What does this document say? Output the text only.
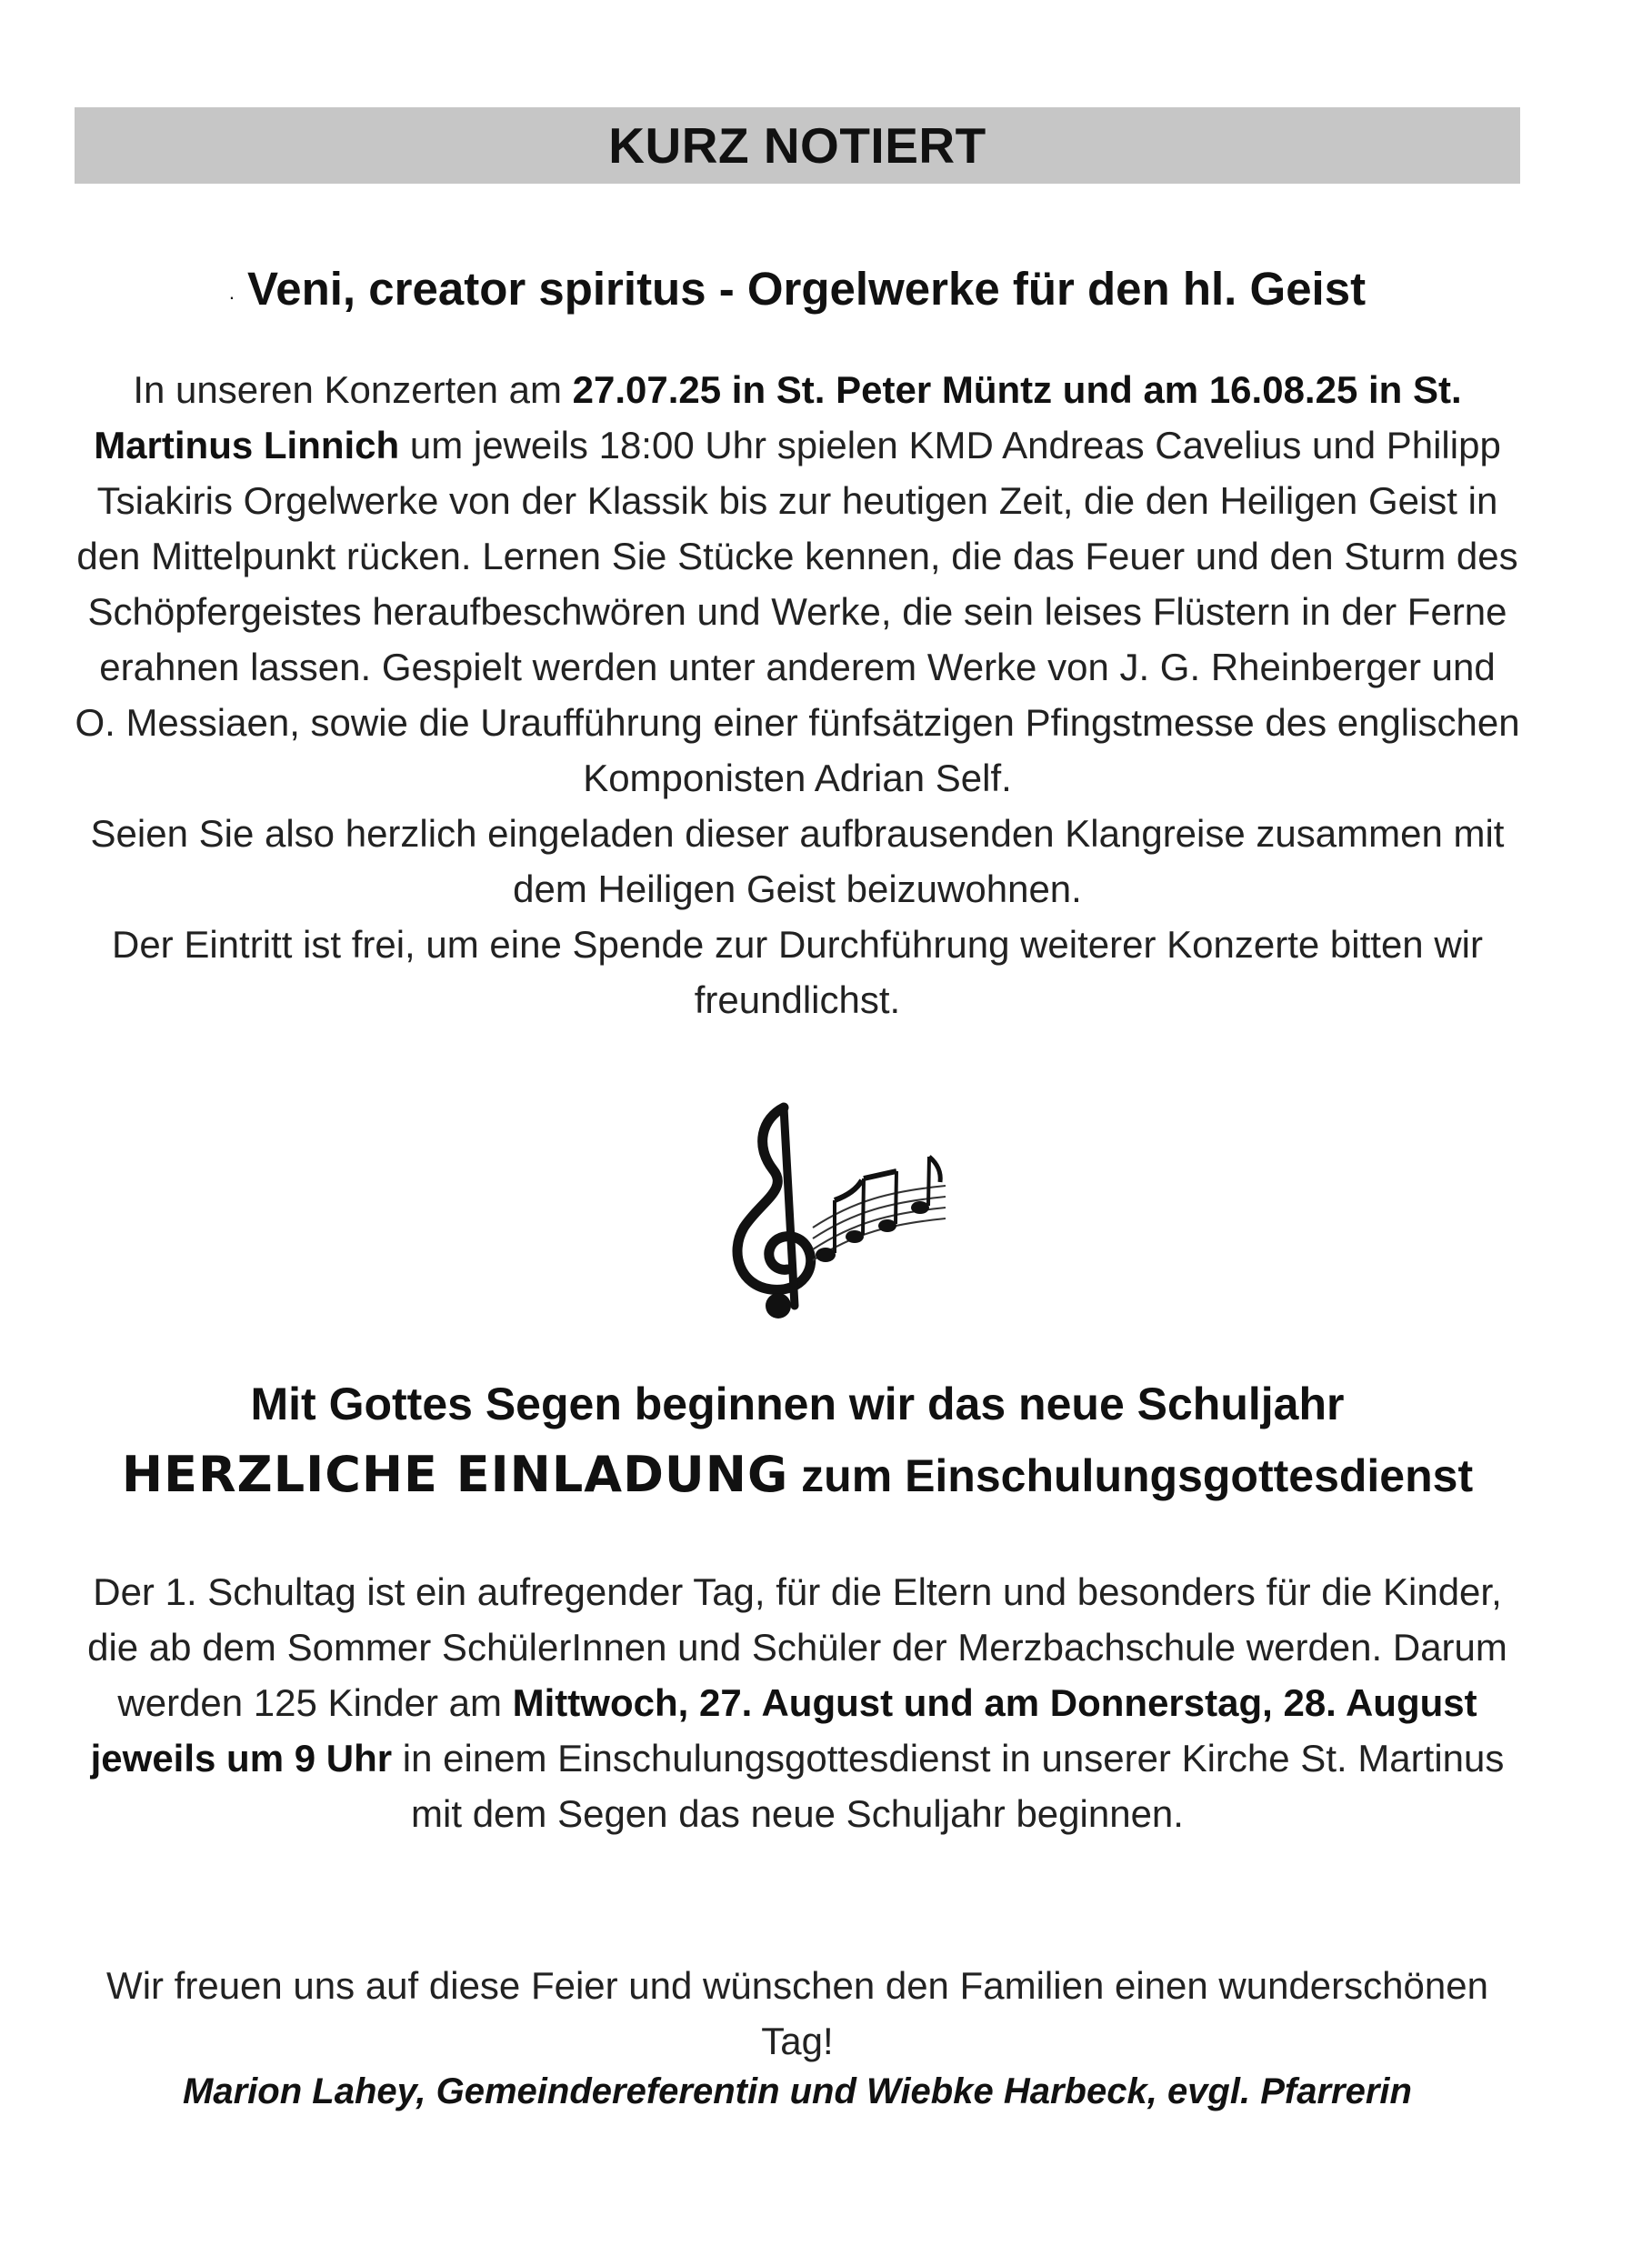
KURZ NOTIERT
. Veni, creator spiritus - Orgelwerke für den hl. Geist
In unseren Konzerten am 27.07.25 in St. Peter Müntz und am 16.08.25 in St. Martinus Linnich um jeweils 18:00 Uhr spielen KMD Andreas Cavelius und Philipp Tsiakiris Orgelwerke von der Klassik bis zur heutigen Zeit, die den Heiligen Geist in den Mittelpunkt rücken. Lernen Sie Stücke kennen, die das Feuer und den Sturm des Schöpfergeistes heraufbeschwören und Werke, die sein leises Flüstern in der Ferne erahnen lassen. Gespielt werden unter anderem Werke von J. G. Rheinberger und O. Messiaen, sowie die Uraufführung einer fünfsätzigen Pfingstmesse des englischen Komponisten Adrian Self.
Seien Sie also herzlich eingeladen dieser aufbrausenden Klangreise zusammen mit dem Heiligen Geist beizuwohnen.
Der Eintritt ist frei, um eine Spende zur Durchführung weiterer Konzerte bitten wir freundlichst.
Mit Gottes Segen beginnen wir das neue Schuljahr
HERZLICHE EINLADUNG zum Einschulungsgottesdienst
Der 1. Schultag ist ein aufregender Tag, für die Eltern und besonders für die Kinder, die ab dem Sommer SchülerInnen und Schüler der Merzbachschule werden. Darum werden 125 Kinder am Mittwoch, 27. August und am Donnerstag, 28. August jeweils um 9 Uhr in einem Einschulungsgottesdienst in unserer Kirche St. Martinus mit dem Segen das neue Schuljahr beginnen.
Wir freuen uns auf diese Feier und wünschen den Familien einen wunderschönen Tag!
Marion Lahey, Gemeindereferentin und Wiebke Harbeck, evgl. Pfarrerin
